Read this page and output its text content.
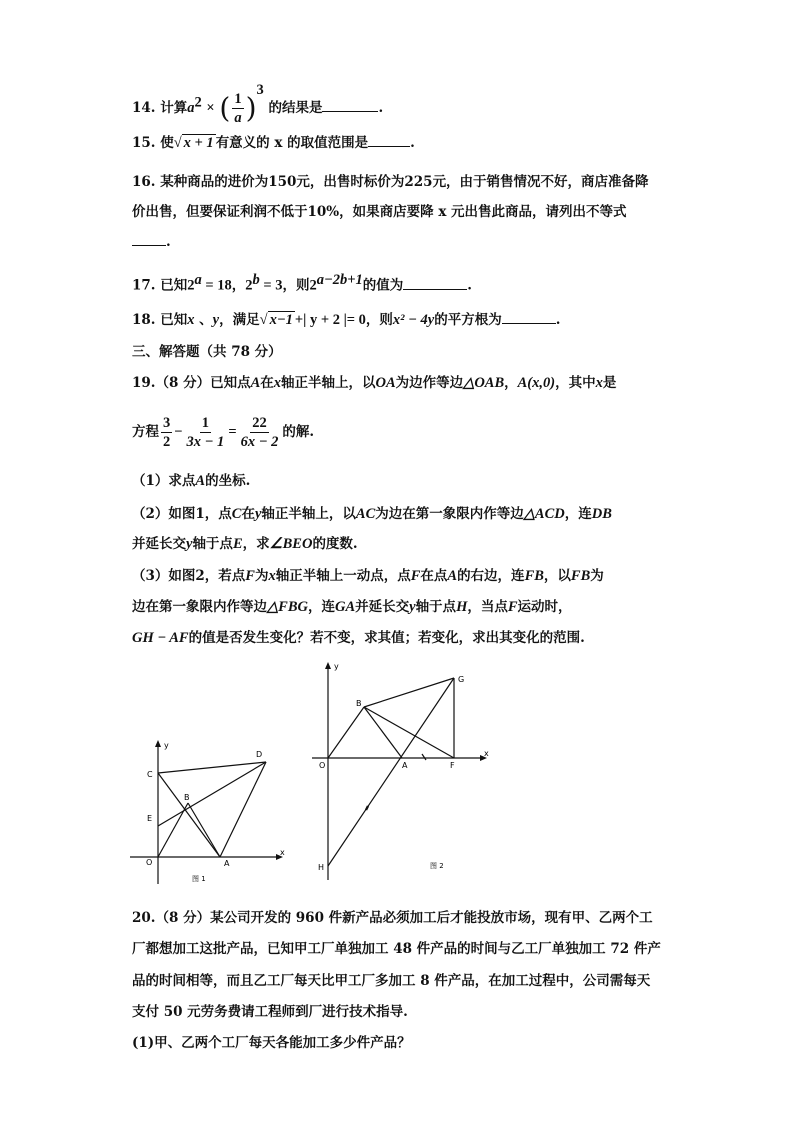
14. 计算$a^2$ × ( $\frac{1}{a} )^3$ 的结果是	.
15. 使√ x + 1 有意义的 x 的取值范围是	.
16. 某种商品的进价为150元，出售时标价为225元，由于销售情况不好，商店准备降
价出售，但要保证利润不低于10%，如果商店要降 x 元出售此商品，请列出不等式
.
17. 已知$2^a = 18$，$2^b = 3$，则$2^{a-2b+1}$的值为	.
18. 已知x 、y，满足√ x−1 +| y + 2 |= 0，则x² − 4y的平方根为	.
三、解答题（共 78 分）
19.（8 分）已知点A在x轴正半轴上，以OA为边作等边△OAB，A(x,0)，其中x是
方程 $\frac{3}{2} - \frac{1}{3x - 1} = \frac{22}{6x - 2}$ 的解.
（1）求点A的坐标.
（2）如图1，点C在y轴正半轴上，以AC为边在第一象限内作等边△ACD，连DB
并延长交y轴于点E，求∠BEO的度数.
（3）如图2，若点F为x轴正半轴上一动点，点F在点A的右边，连FB，以FB为
边在第一象限内作等边△FBG，连GA并延长交y轴于点H，当点F运动时，
GH − AF的值是否发生变化？若不变，求其值；若变化，求出其变化的范围.
y
C
D
B
E
O	A
x
图 1
y
G
B
O	A	F
x
H	图 2
20.（8 分）某公司开发的 960 件新产品必须加工后才能投放市场，现有甲、乙两个工
厂都想加工这批产品，已知甲工厂单独加工 48 件产品的时间与乙工厂单独加工 72 件产
品的时间相等，而且乙工厂每天比甲工厂多加工 8 件产品，在加工过程中，公司需每天
支付 50 元劳务费请工程师到厂进行技术指导.
(1)甲、乙两个工厂每天各能加工多少件产品？
